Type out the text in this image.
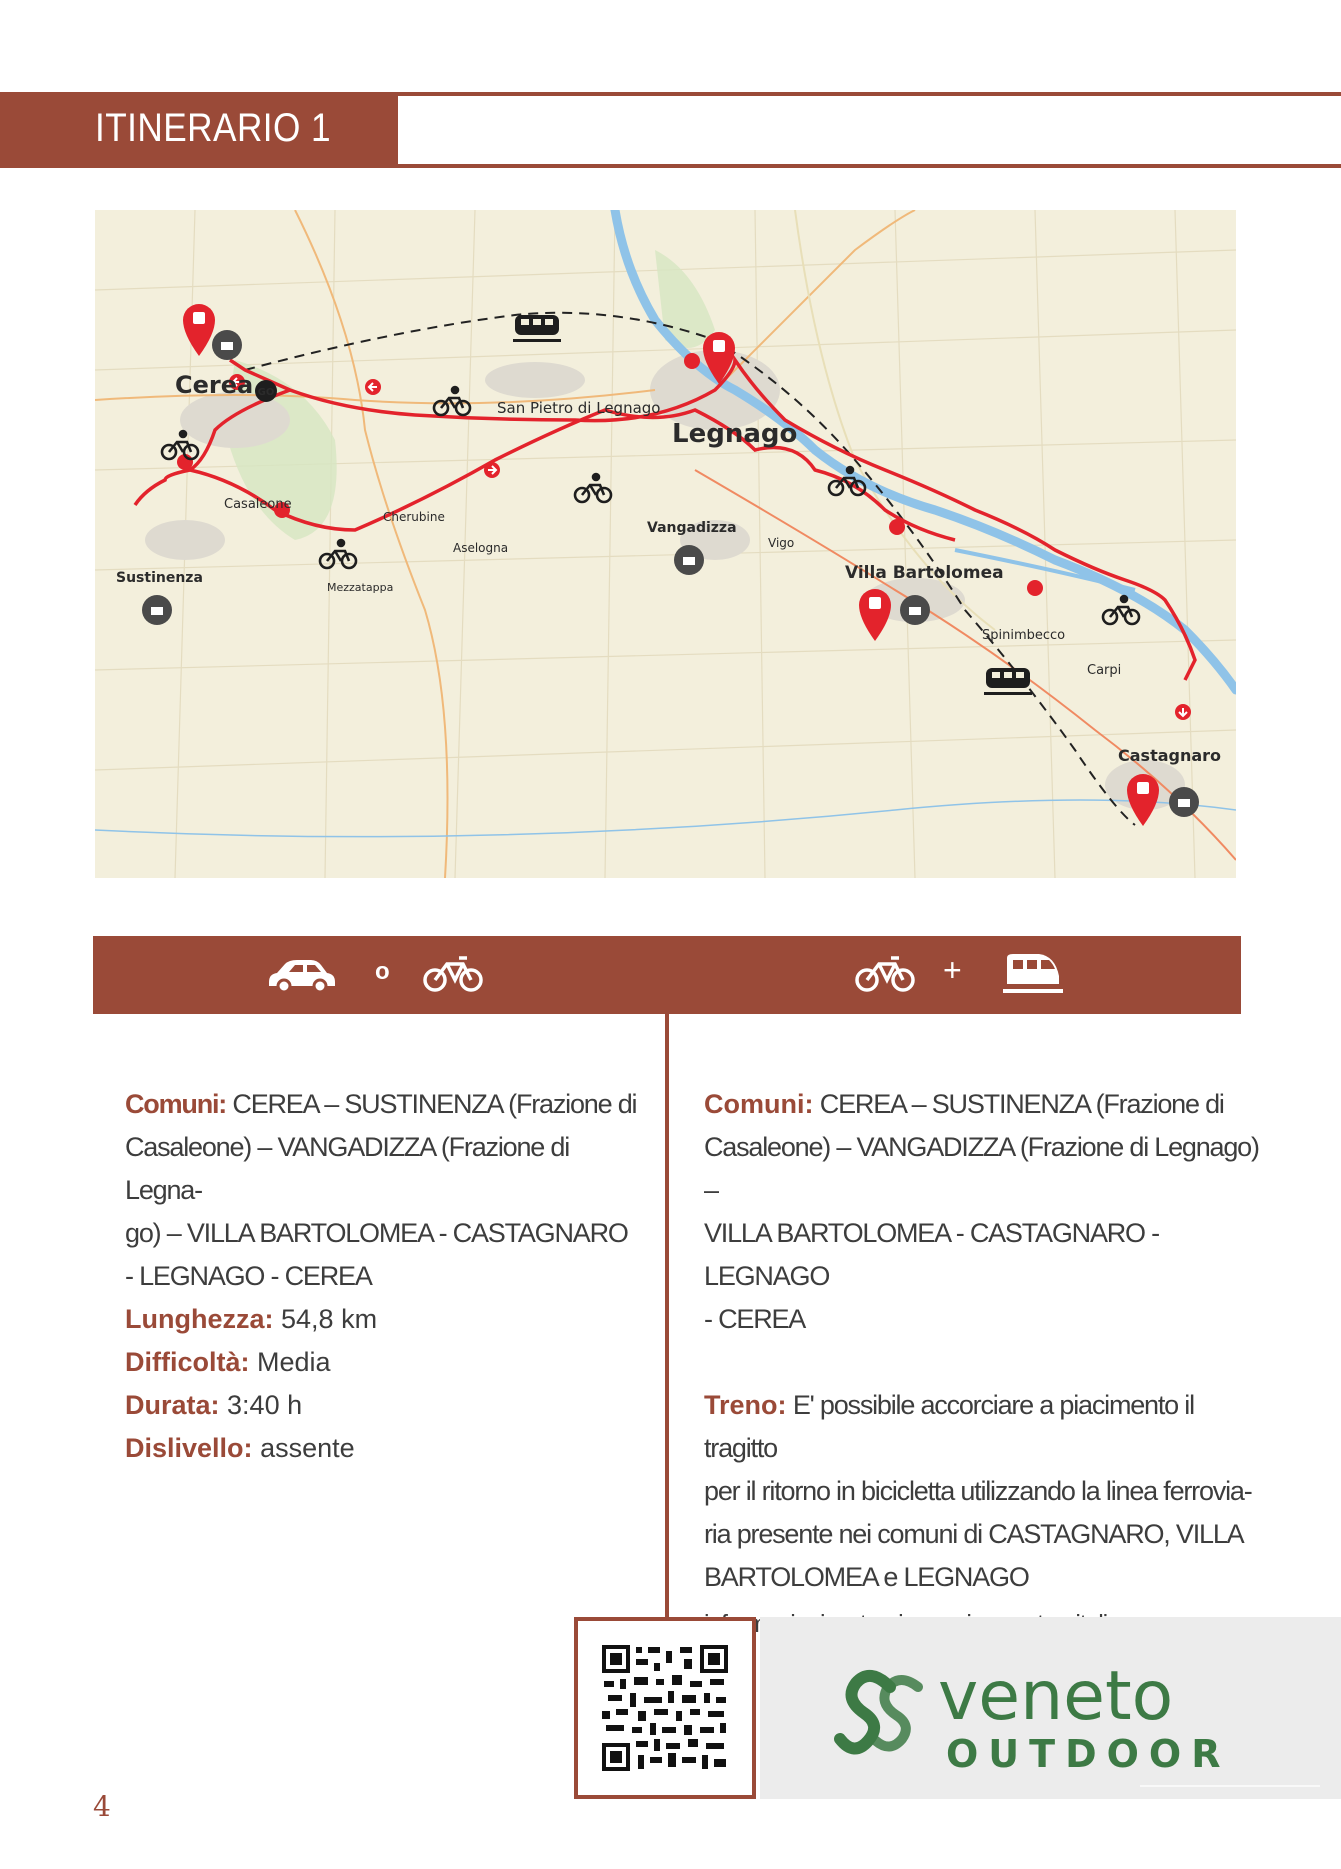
ITINERARIO 1
GO
Cerea
San Pietro di Legnago
Legnago
Casaleone
Cherubine
Sustinenza
Mezzatappa
Aselogna
Vangadizza
Vigo
Villa Bartolomea
Spinimbecco
Carpi
Castagnaro
o	+

Comuni: CEREA – SUSTINENZA (Frazione di

Casaleone) – VANGADIZZA (Frazione di Legna-

go) – VILLA BARTOLOMEA - CASTAGNARO

- LEGNAGO - CEREA

Lunghezza: 54,8 km

Difficoltà: Media

Durata: 3:40 h

Dislivello: assente

Comuni: CEREA – SUSTINENZA (Frazione di

Casaleone) – VANGADIZZA (Frazione di Legnago) –

VILLA BARTOLOMEA - CASTAGNARO - LEGNAGO

- CEREA

Treno: E' possibile accorciare a piacimento il tragitto

per il ritorno in bicicletta utilizzando la linea ferrovia-

ria presente nei comuni di CASTAGNARO, VILLA

BARTOLOMEA e LEGNAGO

veneto
OUTDOOR
4
